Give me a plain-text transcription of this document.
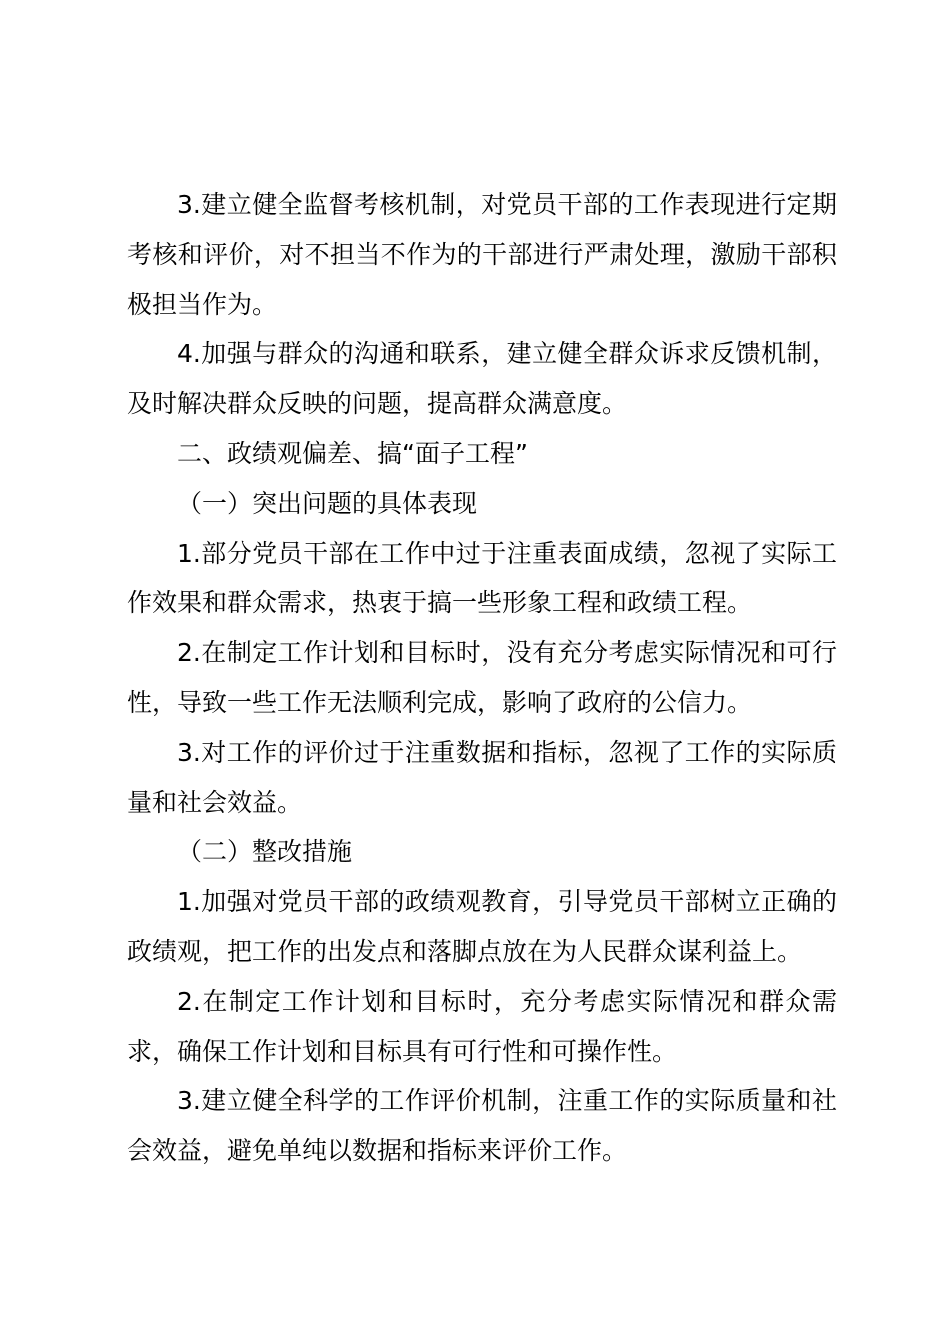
3.建立健全监督考核机制，对党员干部的工作表现进行定期考核和评价，对不担当不作为的干部进行严肃处理，激励干部积极担当作为。

4.加强与群众的沟通和联系，建立健全群众诉求反馈机制，及时解决群众反映的问题，提高群众满意度。

二、政绩观偏差、搞“面子工程”

（一）突出问题的具体表现

1.部分党员干部在工作中过于注重表面成绩，忽视了实际工作效果和群众需求，热衷于搞一些形象工程和政绩工程。

2.在制定工作计划和目标时，没有充分考虑实际情况和可行性，导致一些工作无法顺利完成，影响了政府的公信力。

3.对工作的评价过于注重数据和指标，忽视了工作的实际质量和社会效益。

（二）整改措施

1.加强对党员干部的政绩观教育，引导党员干部树立正确的政绩观，把工作的出发点和落脚点放在为人民群众谋利益上。

2.在制定工作计划和目标时，充分考虑实际情况和群众需求，确保工作计划和目标具有可行性和可操作性。

3.建立健全科学的工作评价机制，注重工作的实际质量和社会效益，避免单纯以数据和指标来评价工作。
